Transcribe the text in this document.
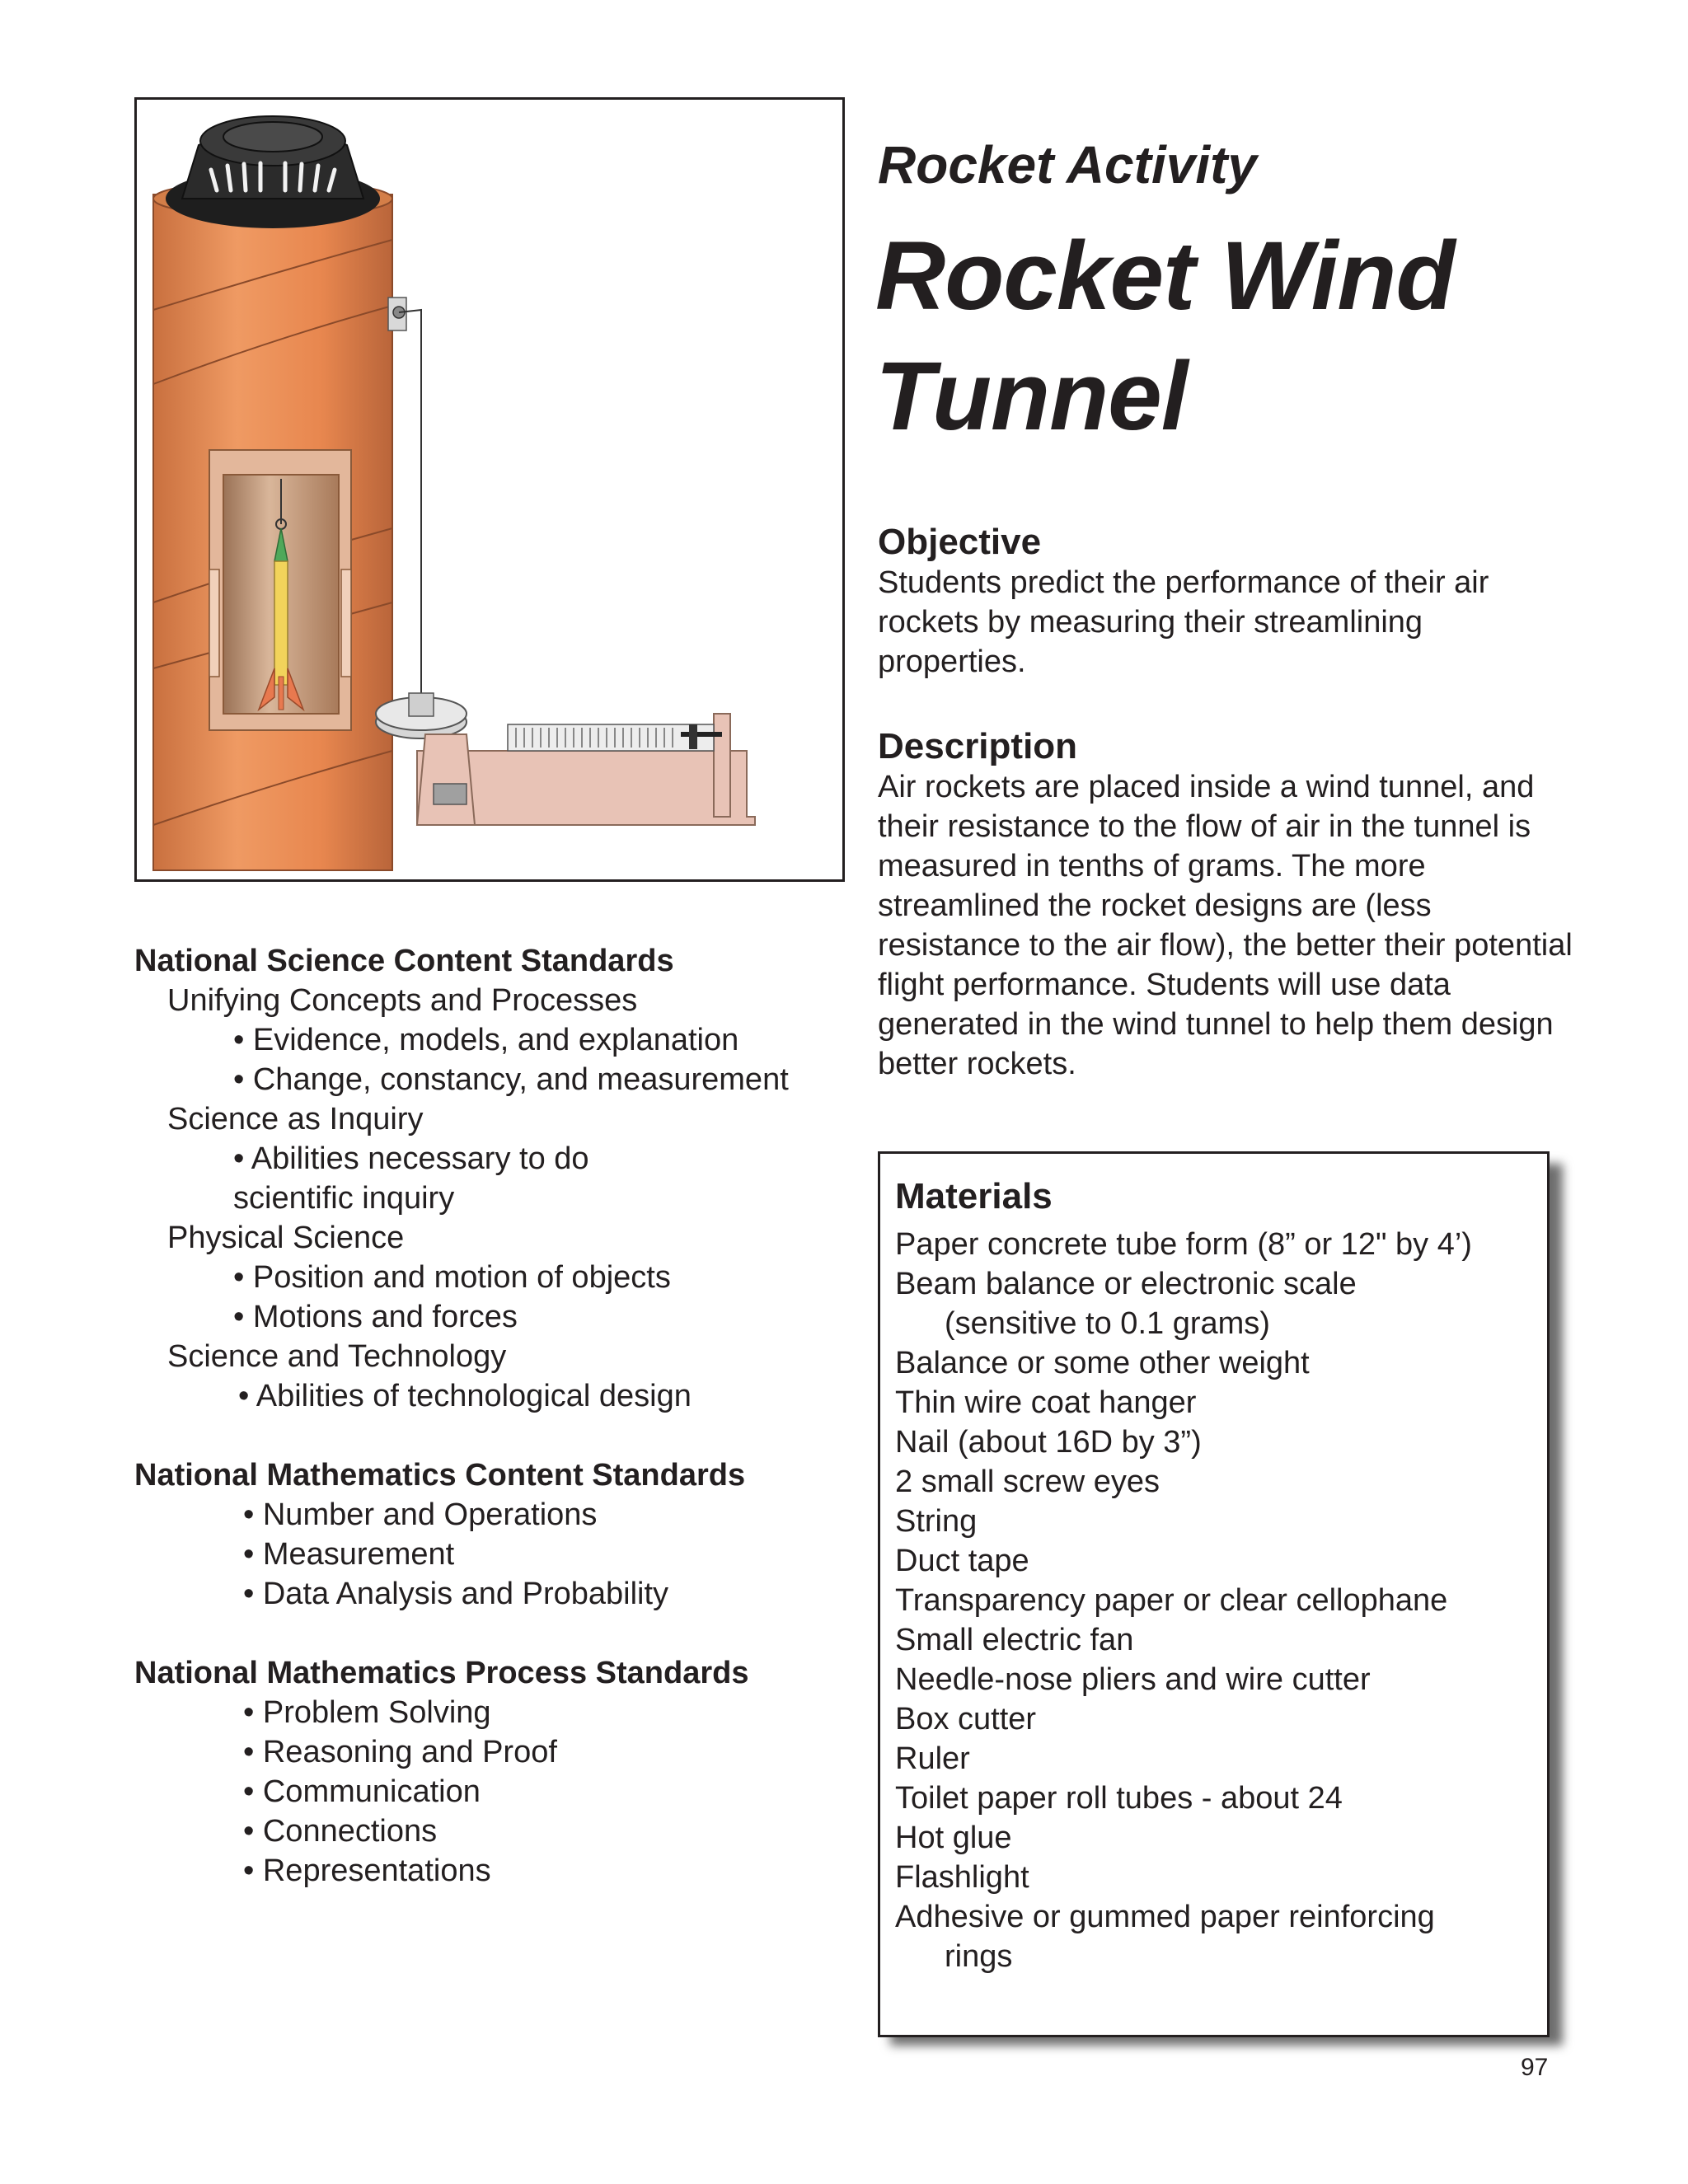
Rocket Activity
Rocket Wind Tunnel
Objective
Students predict the performance of their air rockets by measuring their streamlining properties.
Description
Air rockets are placed inside a wind tunnel, and their resistance to the flow of air in the tunnel is measured in tenths of grams. The more streamlined the rocket designs are (less resistance to the air flow), the better their potential flight performance. Students will use data generated in the wind tunnel to help them design better rockets.
National Science Content Standards
Unifying Concepts and Processes
• Evidence, models, and explanation
• Change, constancy, and measurement
Science as Inquiry
• Abilities necessary to do scientific inquiry
Physical Science
• Position and motion of objects
• Motions and forces
Science and Technology
• Abilities of technological design
National Mathematics Content Standards
• Number and Operations
• Measurement
• Data Analysis and Probability
National Mathematics Process Standards
• Problem Solving
• Reasoning and Proof
• Communication
• Connections
• Representations
Materials
Paper concrete tube form (8” or 12" by 4’)
Beam balance or electronic scale
(sensitive to 0.1 grams)
Balance or some other weight
Thin wire coat hanger
Nail (about 16D by 3”)
2 small screw eyes
String
Duct tape
Transparency paper or clear cellophane
Small electric fan
Needle-nose pliers and wire cutter
Box cutter
Ruler
Toilet paper roll tubes - about 24
Hot glue
Flashlight
Adhesive or gummed paper reinforcing
rings
97
